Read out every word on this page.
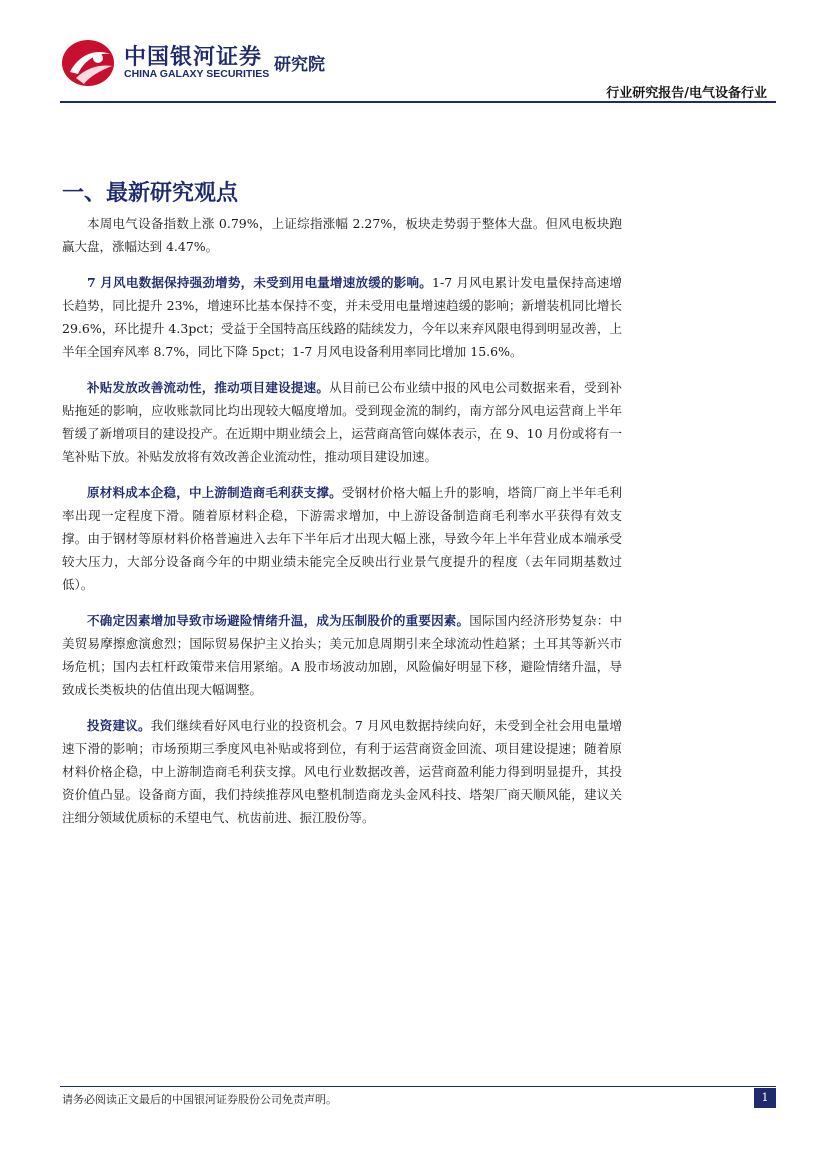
中国银河证券
CHINA GALAXY SECURITIES 研究院
行业研究报告/电气设备行业
一、最新研究观点

本周电气设备指数上涨 0.79%，上证综指涨幅 2.27%，板块走势弱于整体大盘。但风电板块跑赢大盘，涨幅达到 4.47%。

7 月风电数据保持强劲增势，未受到用电量增速放缓的影响。1-7 月风电累计发电量保持高速增长趋势，同比提升 23%，增速环比基本保持不变，并未受用电量增速趋缓的影响；新增装机同比增长 29.6%，环比提升 4.3pct；受益于全国特高压线路的陆续发力，今年以来弃风限电得到明显改善，上半年全国弃风率 8.7%，同比下降 5pct；1-7 月风电设备利用率同比增加 15.6%。

补贴发放改善流动性，推动项目建设提速。从目前已公布业绩中报的风电公司数据来看，受到补贴拖延的影响，应收账款同比均出现较大幅度增加。受到现金流的制约，南方部分风电运营商上半年暂缓了新增项目的建设投产。在近期中期业绩会上，运营商高管向媒体表示，在 9、10 月份或将有一笔补贴下放。补贴发放将有效改善企业流动性，推动项目建设加速。

原材料成本企稳，中上游制造商毛利获支撑。受钢材价格大幅上升的影响，塔筒厂商上半年毛利率出现一定程度下滑。随着原材料企稳，下游需求增加，中上游设备制造商毛利率水平获得有效支撑。由于钢材等原材料价格普遍进入去年下半年后才出现大幅上涨，导致今年上半年营业成本端承受较大压力，大部分设备商今年的中期业绩未能完全反映出行业景气度提升的程度（去年同期基数过低）。

不确定因素增加导致市场避险情绪升温，成为压制股价的重要因素。国际国内经济形势复杂：中美贸易摩擦愈演愈烈；国际贸易保护主义抬头；美元加息周期引来全球流动性趋紧；土耳其等新兴市场危机；国内去杠杆政策带来信用紧缩。A 股市场波动加剧，风险偏好明显下移，避险情绪升温，导致成长类板块的估值出现大幅调整。

投资建议。我们继续看好风电行业的投资机会。7 月风电数据持续向好，未受到全社会用电量增速下滑的影响；市场预期三季度风电补贴或将到位，有利于运营商资金回流、项目建设提速；随着原材料价格企稳，中上游制造商毛利获支撑。风电行业数据改善，运营商盈利能力得到明显提升，其投资价值凸显。设备商方面，我们持续推荐风电整机制造商龙头金风科技、塔架厂商天顺风能，建议关注细分领域优质标的禾望电气、杭齿前进、振江股份等。

请务必阅读正文最后的中国银河证券股份公司免责声明。	1
